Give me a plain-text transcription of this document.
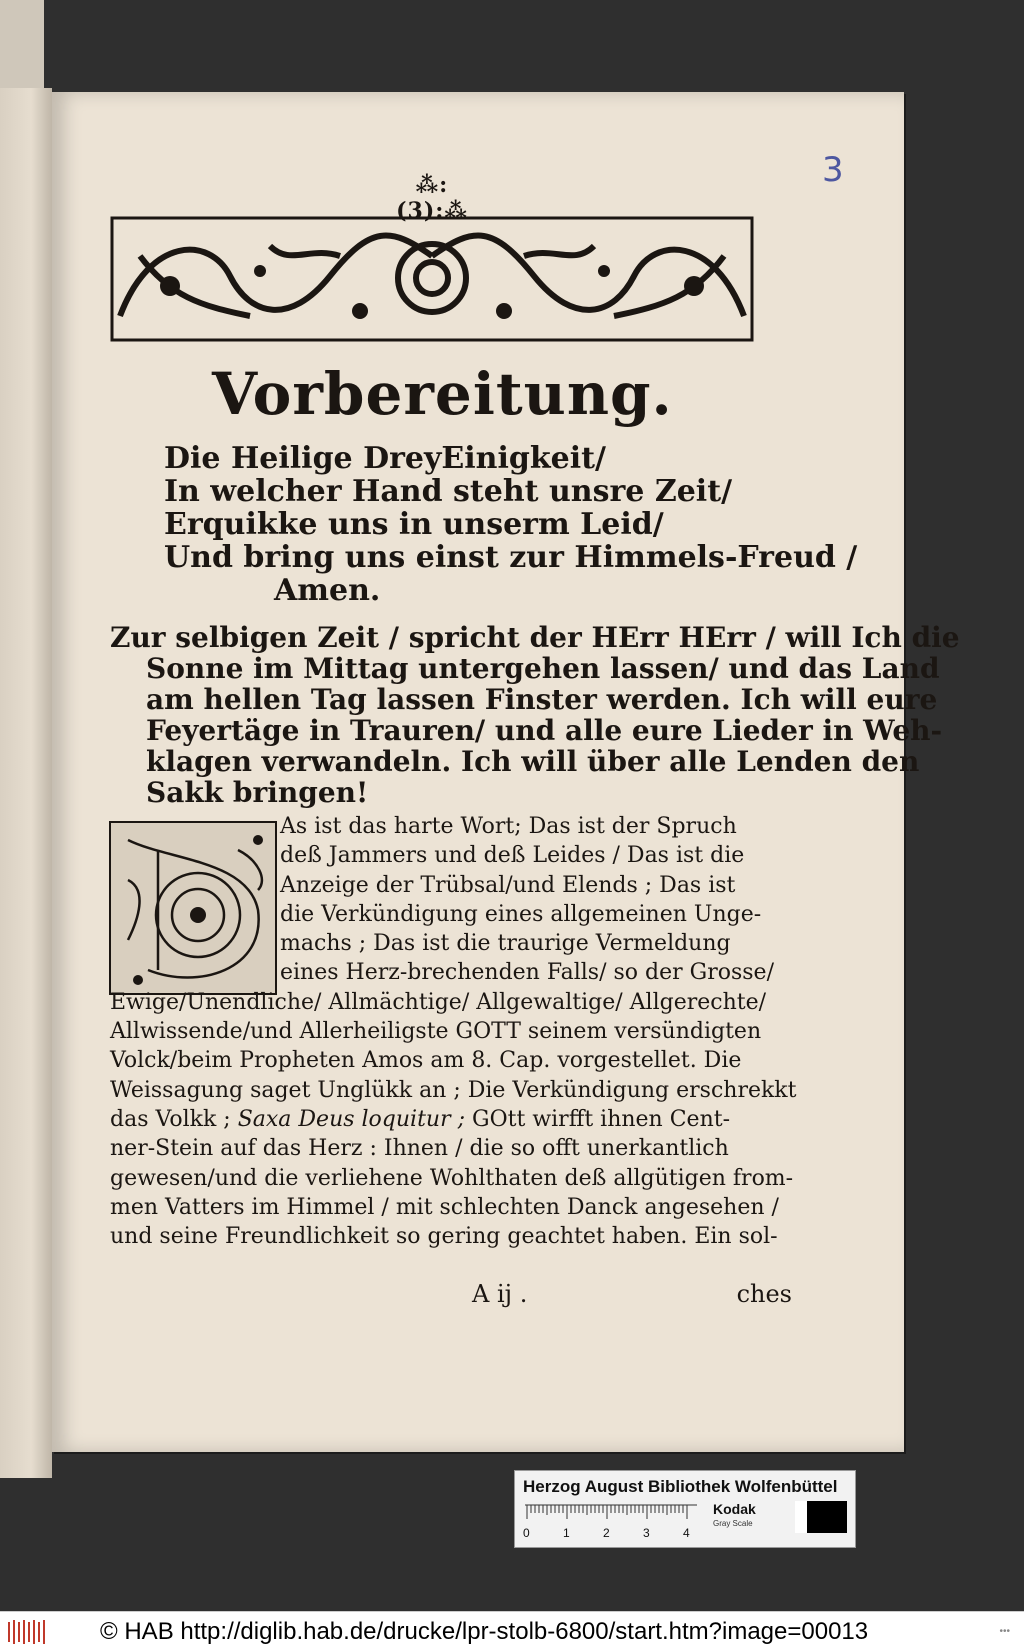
3
⁂:(3):⁂
Vorbereitung.
Die Heilige DreyEinigkeit/
In welcher Hand steht unsre Zeit/
Erquikke uns in unserm Leid/
Und bring uns einst zur Himmels-Freud /
Amen.
Zur selbigen Zeit / spricht der HErr HErr / will Ich die
Sonne im Mittag untergehen lassen/ und das Land
am hellen Tag lassen Finster werden. Ich will eure
Feyertäge in Trauren/ und alle eure Lieder in Weh-
klagen verwandeln. Ich will über alle Lenden den
Sakk bringen!
As ist das harte Wort; Das ist der Spruch
deß Jammers und deß Leides / Das ist die
Anzeige der Trübsal/und Elends ; Das ist
die Verkündigung eines allgemeinen Unge-
machs ; Das ist die traurige Vermeldung
eines Herz-brechenden Falls/ so der Grosse/
Ewige/Unendliche/ Allmächtige/ Allgewaltige/ Allgerechte/
Allwissende/und Allerheiligste GOTT seinem versündigten
Volck/beim Propheten Amos am 8. Cap. vorgestellet. Die
Weissagung saget Unglükk an ; Die Verkündigung erschrekkt
das Volkk ; Saxa Deus loquitur ; GOtt wirfft ihnen Cent-
ner-Stein auf das Herz : Ihnen / die so offt unerkantlich
gewesen/und die verliehene Wohlthaten deß allgütigen from-
men Vatters im Himmel / mit schlechten Danck angesehen /
und seine Freundlichkeit so gering geachtet haben. Ein sol-
A ij .	ches
Herzog August Bibliothek Wolfenbüttel
0	1	2	3	4
Kodak
Gray Scale
© HAB http://diglib.hab.de/drucke/lpr-stolb-6800/start.htm?image=00013	•••
